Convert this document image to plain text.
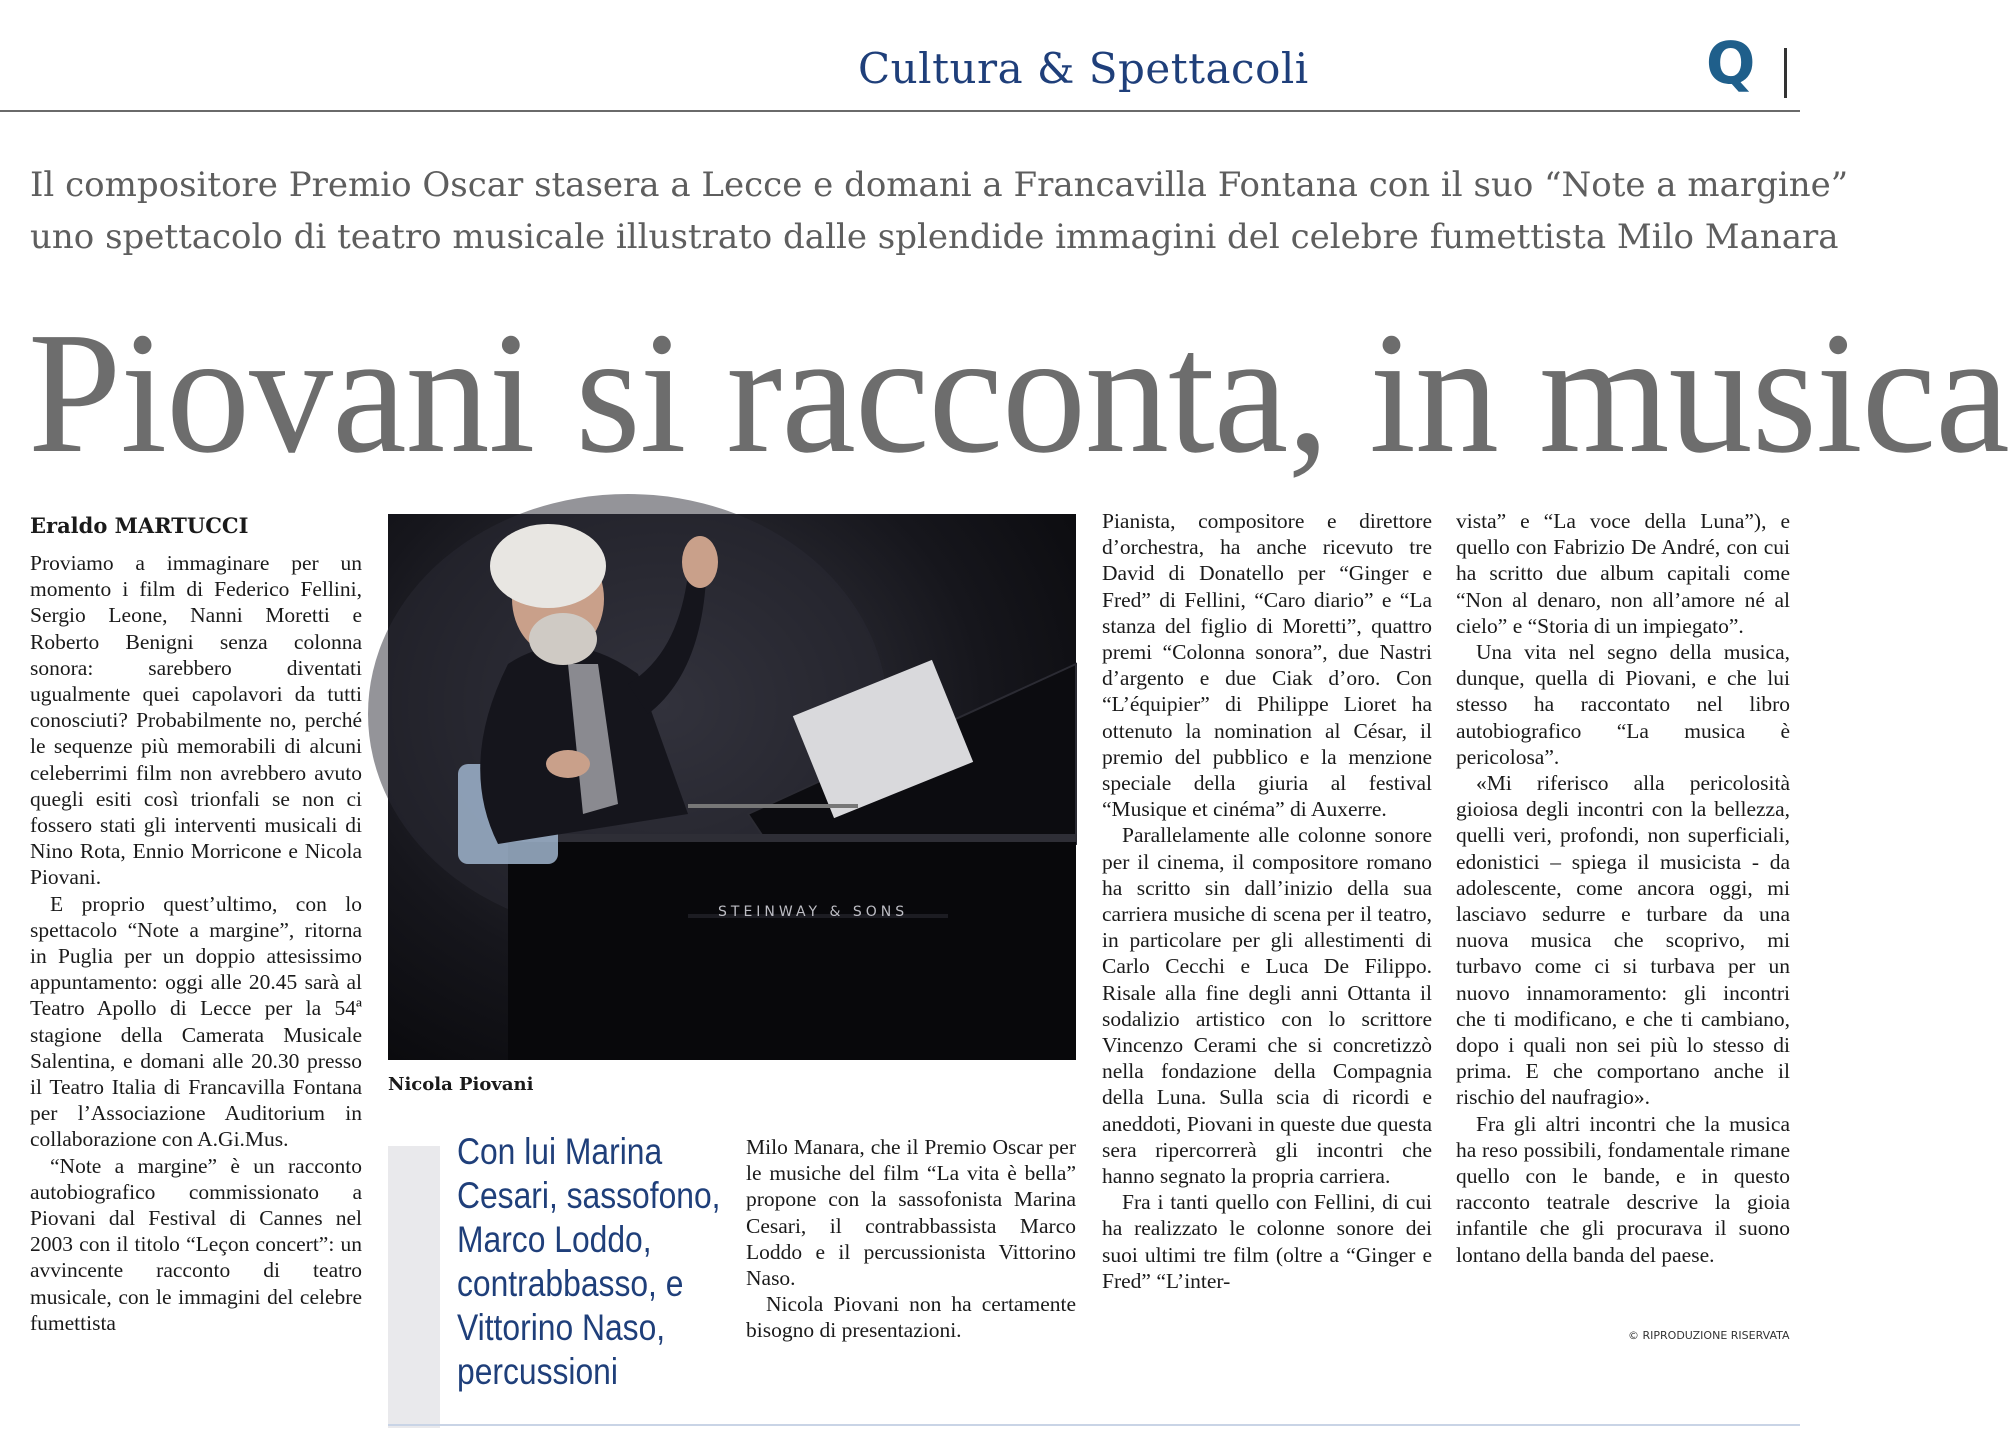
Cultura & Spettacoli	Q
Il compositore Premio Oscar stasera a Lecce e domani a Francavilla Fontana con il suo “Note a margine”
uno spettacolo di teatro musicale illustrato dalle splendide immagini del celebre fumettista Milo Manara
Piovani si racconta, in musica
Eraldo MARTUCCI

Proviamo a immaginare per un momento i film di Federico Fellini, Sergio Leone, Nanni Moretti e Roberto Benigni senza colonna sonora: sarebbero diventati ugualmente quei capolavori da tutti conosciuti? Probabilmente no, perché le sequenze più memorabili di alcuni celeberrimi film non avrebbero avuto quegli esiti così trionfali se non ci fossero stati gli interventi musicali di Nino Rota, Ennio Morricone e Nicola Piovani.

E proprio quest’ultimo, con lo spettacolo “Note a margine”, ritorna in Puglia per un doppio attesissimo appuntamento: oggi alle 20.45 sarà al Teatro Apollo di Lecce per la 54ª stagione della Camerata Musicale Salentina, e domani alle 20.30 presso il Teatro Italia di Francavilla Fontana per l’Associazione Auditorium in collaborazione con A.Gi.Mus.

“Note a margine” è un racconto autobiografico commissionato a Piovani dal Festival di Cannes nel 2003 con il titolo “Leçon concert”: un avvincente racconto di teatro musicale, con le immagini del celebre fumettista

STEINWAY & SONS
Nicola Piovani
Con lui Marina Cesari, sassofono, Marco Loddo, contrabbasso, e Vittorino Naso, percussioni

Milo Manara, che il Premio Oscar per le musiche del film “La vita è bella” propone con la sassofonista Marina Cesari, il contrabbassista Marco Loddo e il percussionista Vittorino Naso.

Nicola Piovani non ha certamente bisogno di presentazioni.

Pianista, compositore e direttore d’orchestra, ha anche ricevuto tre David di Donatello per “Ginger e Fred” di Fellini, “Caro diario” e “La stanza del figlio di Moretti”, quattro premi “Colonna sonora”, due Nastri d’argento e due Ciak d’oro. Con “L’équipier” di Philippe Lioret ha ottenuto la nomination al César, il premio del pubblico e la menzione speciale della giuria al festival “Musique et cinéma” di Auxerre.

Parallelamente alle colonne sonore per il cinema, il compositore romano ha scritto sin dall’inizio della sua carriera musiche di scena per il teatro, in particolare per gli allestimenti di Carlo Cecchi e Luca De Filippo. Risale alla fine degli anni Ottanta il sodalizio artistico con lo scrittore Vincenzo Cerami che si concretizzò nella fondazione della Compagnia della Luna. Sulla scia di ricordi e aneddoti, Piovani in queste due questa sera ripercorrerà gli incontri che hanno segnato la propria carriera.

Fra i tanti quello con Fellini, di cui ha realizzato le colonne sonore dei suoi ultimi tre film (oltre a “Ginger e Fred” “L’inter-

vista” e “La voce della Luna”), e quello con Fabrizio De André, con cui ha scritto due album capitali come “Non al denaro, non all’amore né al cielo” e “Storia di un impiegato”.

Una vita nel segno della musica, dunque, quella di Piovani, e che lui stesso ha raccontato nel libro autobiografico “La musica è pericolosa”.

«Mi riferisco alla pericolosità gioiosa degli incontri con la bellezza, quelli veri, profondi, non superficiali, edonistici – spiega il musicista - da adolescente, come ancora oggi, mi lasciavo sedurre e turbare da una nuova musica che scoprivo, mi turbavo come ci si turbava per un nuovo innamoramento: gli incontri che ti modificano, e che ti cambiano, dopo i quali non sei più lo stesso di prima. E che comportano anche il rischio del naufragio».

Fra gli altri incontri che la musica ha reso possibili, fondamentale rimane quello con le bande, e in questo racconto teatrale descrive la gioia infantile che gli procurava il suono lontano della banda del paese.

© RIPRODUZIONE RISERVATA
